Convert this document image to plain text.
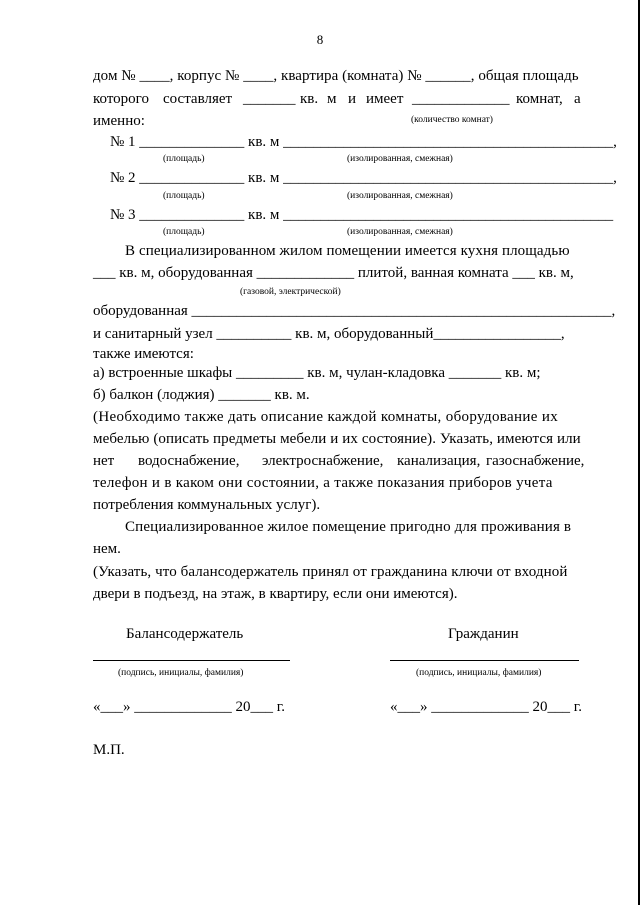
8
дом № ____, корпус № ____, квартира (комната) № ______, общая площадь
которого составляет _______ кв. м и имеет _____________ комнат, а
именно:	(количество комнат)
№ 1 ______________ кв. м ____________________________________________,
(площадь)	(изолированная, смежная)
№ 2 ______________ кв. м ____________________________________________,
(площадь)	(изолированная, смежная)
№ 3 ______________ кв. м ____________________________________________
(площадь)	(изолированная, смежная)
В специализированном жилом помещении имеется кухня площадью
___ кв. м, оборудованная _____________ плитой, ванная комната ___ кв. м,
(газовой, электрической)
оборудованная ________________________________________________________,
и санитарный узел __________ кв. м, оборудованный_________________,
также имеются:
а) встроенные шкафы _________ кв. м, чулан-кладовка _______ кв. м;
б) балкон (лоджия) _______ кв. м.
(Необходимо также дать описание каждой комнаты, оборудование их
мебелью (описать предметы мебели и их состояние). Указать, имеются или
нет водоснабжение, электроснабжение, канализация, газоснабжение,
телефон и в каком они состоянии, а также показания приборов учета
потребления коммунальных услуг).
Специализированное жилое помещение пригодно для проживания в
нем.
(Указать, что балансодержатель принял от гражданина ключи от входной
двери в подъезд, на этаж, в квартиру, если они имеются).
Балансодержатель	Гражданин
(подпись, инициалы, фамилия)	(подпись, инициалы, фамилия)
«___» _____________ 20___ г.	«___» _____________ 20___ г.
М.П.
